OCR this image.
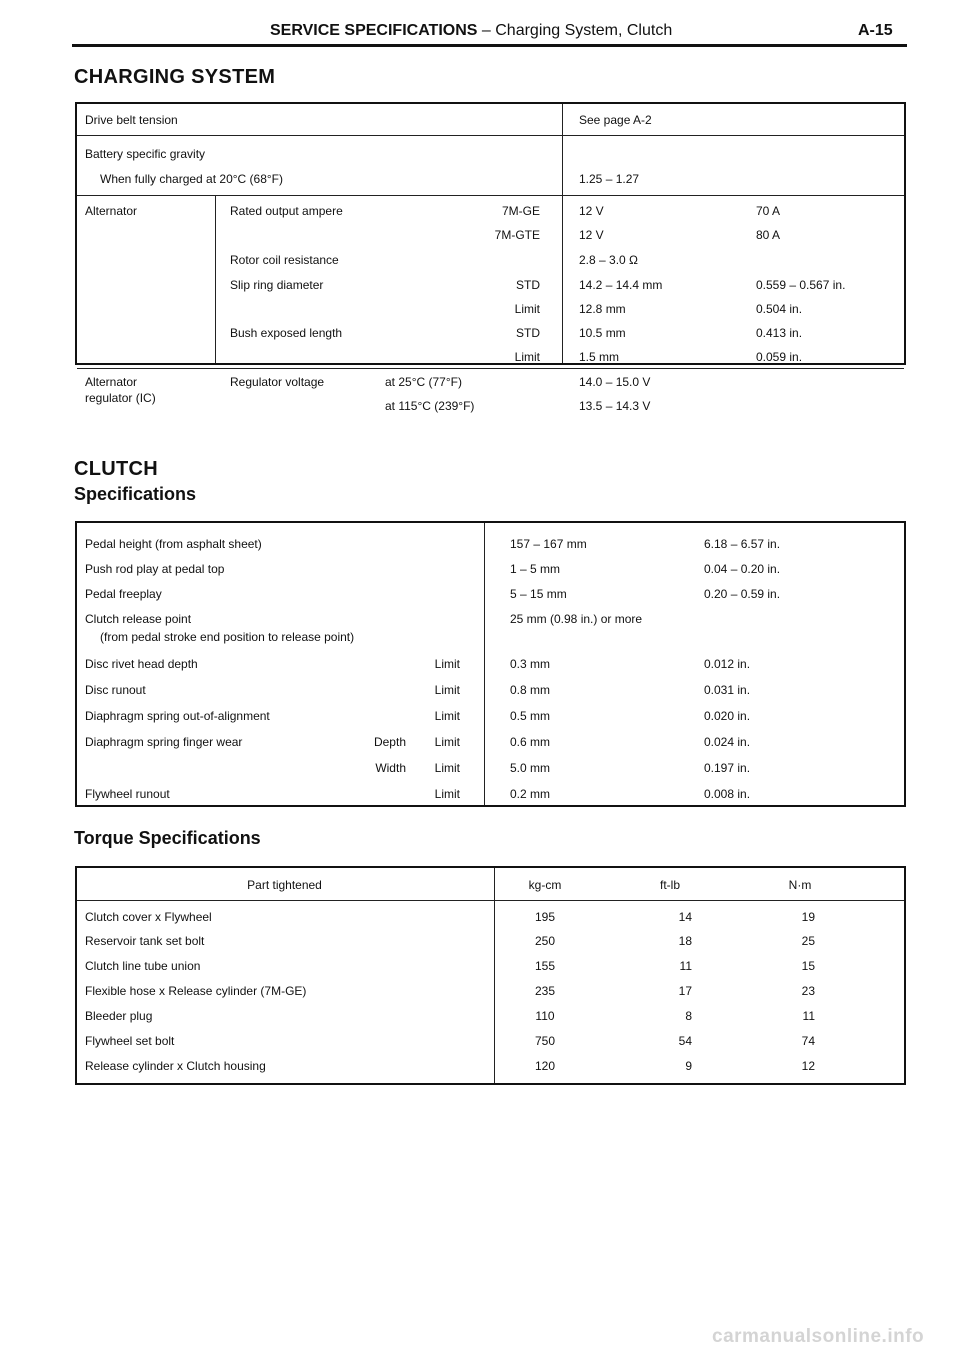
SERVICE SPECIFICATIONS – Charging System, Clutch	A-15
CHARGING SYSTEM
Drive belt tension	See page A-2
Battery specific gravity
When fully charged at 20°C (68°F)	1.25 – 1.27
Alternator	Rated output ampere	7M-GE	12 V	70 A
7M-GTE	12 V	80 A
Rotor coil resistance	2.8 – 3.0 Ω
Slip ring diameter	STD	14.2 – 14.4 mm	0.559 – 0.567 in.
Limit	12.8 mm	0.504 in.
Bush exposed length	STD	10.5 mm	0.413 in.
Limit	1.5 mm	0.059 in.
Alternator
regulator (IC)
Regulator voltage	at 25°C (77°F)	14.0 – 15.0 V
at 115°C (239°F)	13.5 – 14.3 V
CLUTCH
Specifications
Pedal height (from asphalt sheet)	157 – 167 mm	6.18 – 6.57 in.
Push rod play at pedal top	1 – 5 mm	0.04 – 0.20 in.
Pedal freeplay	5 – 15 mm	0.20 – 0.59 in.
Clutch release point	25 mm (0.98 in.) or more
(from pedal stroke end position to release point)
Disc rivet head depth	Limit	0.3 mm	0.012 in.
Disc runout	Limit	0.8 mm	0.031 in.
Diaphragm spring out-of-alignment	Limit	0.5 mm	0.020 in.
Diaphragm spring finger wear	Depth	Limit	0.6 mm	0.024 in.
Width	Limit	5.0 mm	0.197 in.
Flywheel runout	Limit	0.2 mm	0.008 in.
Torque Specifications
Part tightened	kg-cm	ft-lb	N·m
Clutch cover x Flywheel	195	14	19
Reservoir tank set bolt	250	18	25
Clutch line tube union	155	11	15
Flexible hose x Release cylinder (7M-GE)	235	17	23
Bleeder plug	110	8	11
Flywheel set bolt	750	54	74
Release cylinder x Clutch housing	120	9	12
carmanualsonline.info
